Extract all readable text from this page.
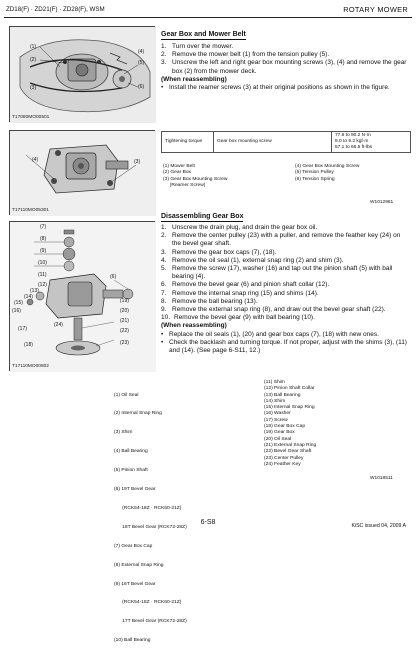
ZD18(F) · ZD21(F) · ZD28(F), WSM	ROTARY MOWER
(1)
(2)
(3)
(4)
(5)
(6)
T17080MO00501
(4)	(3)
T17110MO05301
(7)
(8)
(9)
(10)
(11)
(12)
(13)
(14)
(15)
(16)
(17)
(18)
(19)
(20)
(21)
(22)
(23)
(24)
(6)
T17110MO00802
Gear Box and Mower Belt
1. Turn over the mower.
2. Remove the mower belt (1) from the tension pulley (5).
3. Unscrew the left and right gear box mounting screws (3), (4) and remove the gear box (2) from the mower deck.
(When reassembling)
• Install the reamer screws (3) at their original positions as shown in the figure.
Tightening torque	Gear box mounting screw	
77.6 to 90.2 N·m
8.0 to 9.2 kgf·m
57.1 to 66.5 ft-lbs
(1) Mower Belt
(2) Gear Box
(3) Gear Box Mounting Screw
(Reamer Screw)
(4) Gear Box Mounting Screw
(5) Tension Pulley
(6) Tension Spring
W1012961
Disassembling Gear Box
1. Unscrew the drain plug, and drain the gear box oil.
2. Remove the center pulley (23) with a puller, and remove the feather key (24) on the bevel gear shaft.
3. Remove the gear box caps (7), (18).
4. Remove the oil seal (1), external snap ring (2) and shim (3).
5. Remove the screw (17), washer (16) and tap out the pinion shaft (5) with ball bearing (4).
6. Remove the bevel gear (6) and pinion shaft collar (12).
7. Remove the internal snap ring (15) and shims (14).
8. Remove the ball bearing (13).
9. Remove the external snap ring (8), and draw out the bevel gear shaft (22).
10. Remove the bevel gear (9) with ball bearing (10).
(When reassembling)
• Replace the oil seals (1), (20) and gear box caps (7), (18) with new ones.
• Check the backlash and turning torque. If not proper, adjust with the shims (3), (11) and (14). (See page 6-S11, 12.)

(1) Oil Seal

(2) Internal Snap Ring

(3) Shim

(4) Ball Bearing

(5) Pinion Shaft

(6) 19T Bevel Gear

(RCK54-18Z · RCK60-21Z)

18T Bevel Gear (RCK72-28Z)

(7) Gear Box Cap

(8) External Snap Ring

(9) 16T Bevel Gear

(RCK54-18Z · RCK60-21Z)

17T Bevel Gear (RCK72-28Z)

(10) Ball Bearing

(11) Shim
(12) Pinion Shaft Collar
(13) Ball Bearing
(14) Shim
(15) Internal Snap Ring
(16) Washer
(17) Screw
(18) Gear Box Cap
(19) Gear Box
(20) Oil Seal
(21) External Snap Ring
(22) Bevel Gear Shaft
(23) Center Pulley
(24) Feather Key
W1018511
6-S8	KiSC issued 04, 2009 A
